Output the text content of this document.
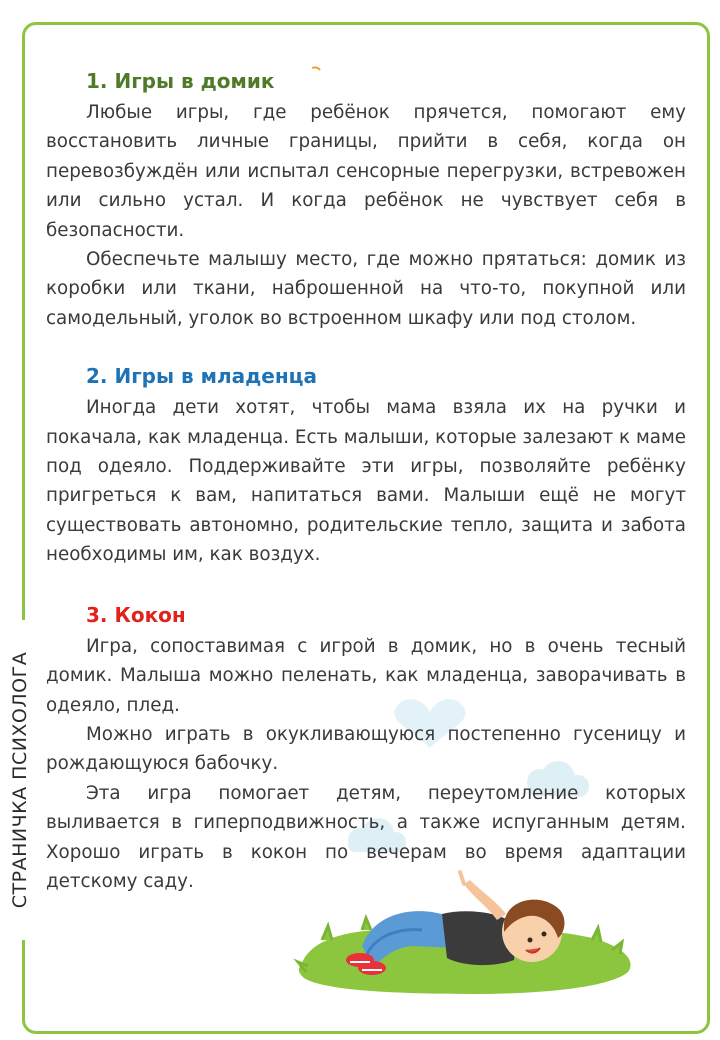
СТРАНИЧКА ПСИХОЛОГА
1. Игры в домик

Любые игры, где ребёнок прячется, помогают ему восстановить личные границы, прийти в себя, когда он перевозбуждён или испытал сенсорные перегрузки, встревожен или сильно устал. И когда ребёнок не чувствует себя в безопасности.

Обеспечьте малышу место, где можно прятаться: домик из коробки или ткани, наброшенной на что-то, покупной или самодельный, уголок во встроенном шкафу или под столом.

2. Игры в младенца

Иногда дети хотят, чтобы мама взяла их на ручки и покачала, как младенца. Есть малыши, которые залезают к маме под одеяло. Поддерживайте эти игры, позволяйте ребёнку пригреться к вам, напитаться вами. Малыши ещё не могут существовать автономно, родительские тепло, защита и забота необходимы им, как воздух.

3. Кокон

Игра, сопоставимая с игрой в домик, но в очень тесный домик. Малыша можно пеленать, как младенца, заворачивать в одеяло, плед.

Можно играть в окукливающуюся постепенно гусеницу и рождающуюся бабочку.

Эта игра помогает детям, переутомление которых выливается в гиперподвижность, а также испуганным детям. Хорошо играть в кокон по вечерам во время адаптации детскому саду.
